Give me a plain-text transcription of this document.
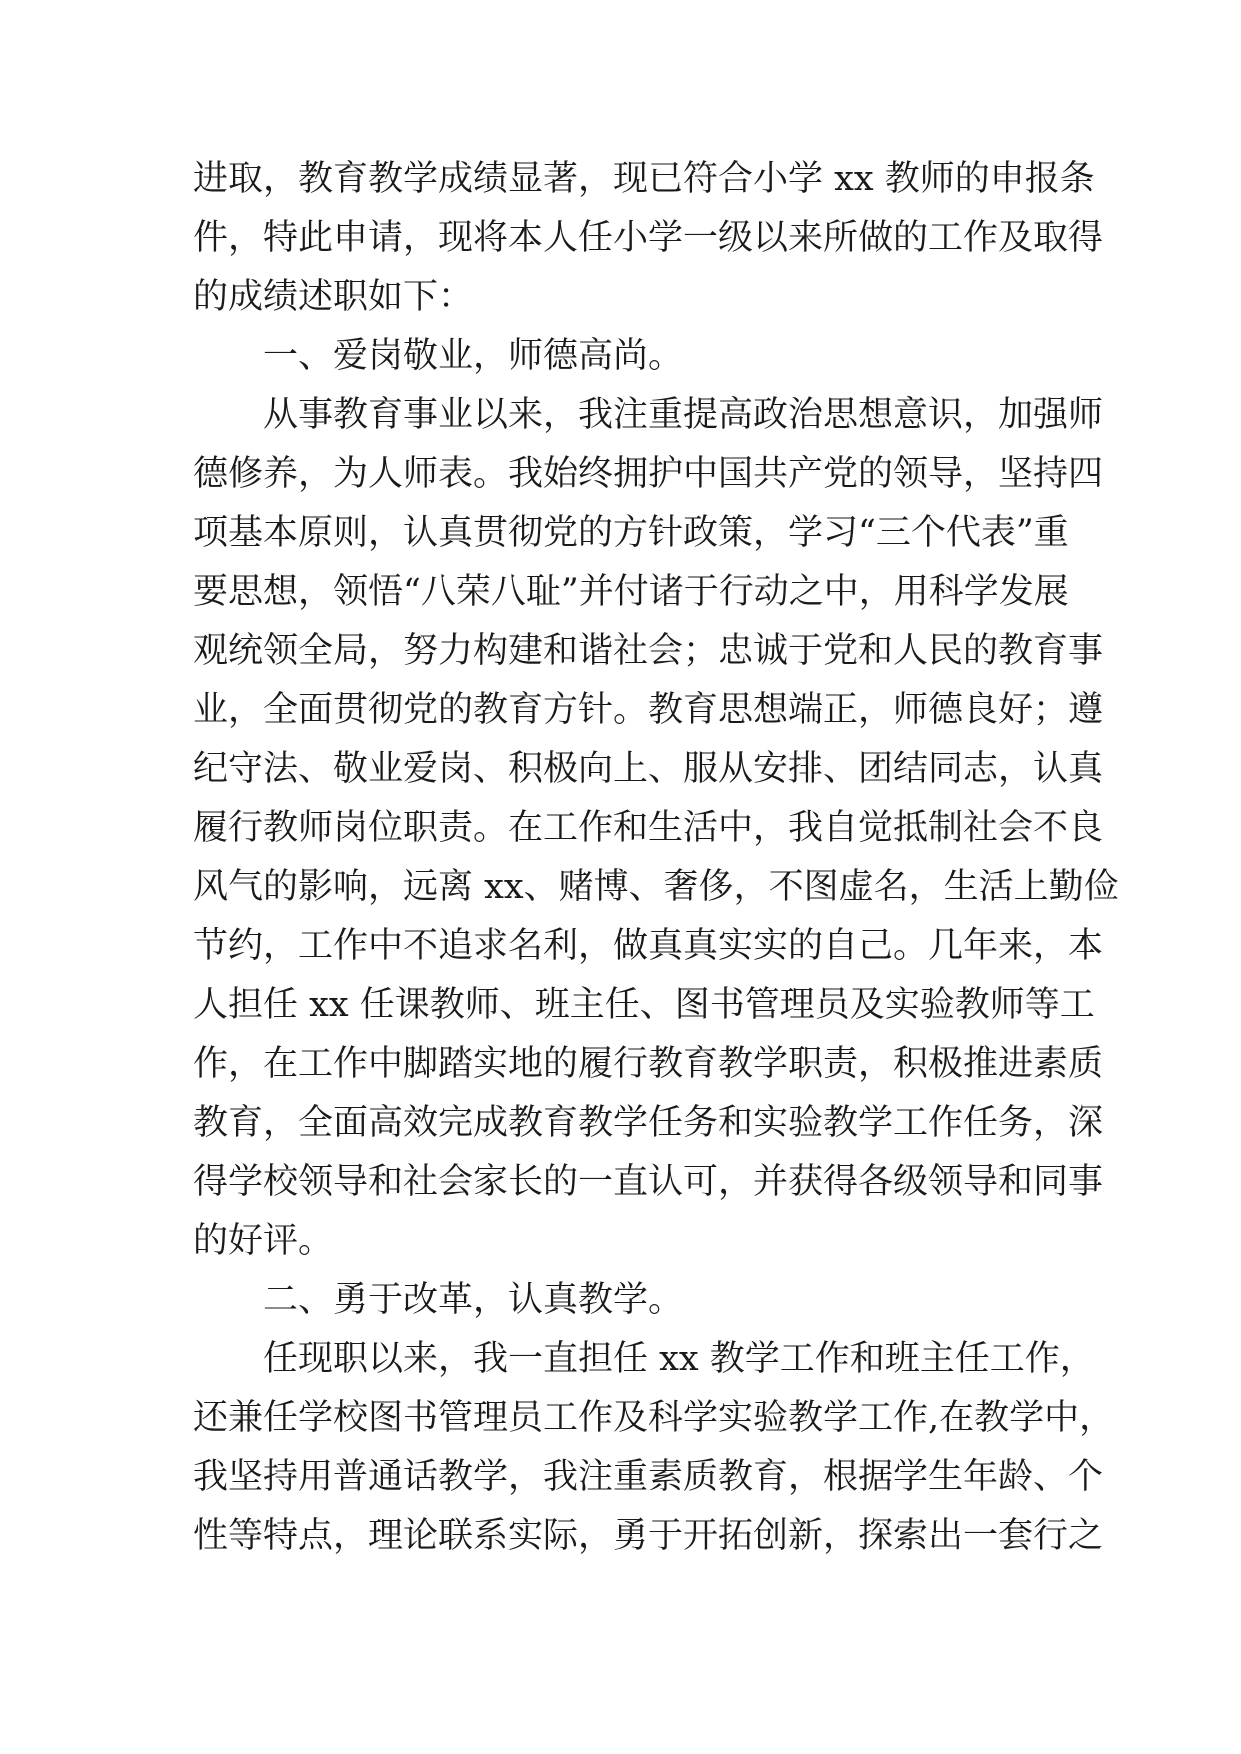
进取，教育教学成绩显著，现已符合小学 xx 教师的申报条
件，特此申请，现将本人任小学一级以来所做的工作及取得
的成绩述职如下：
一、爱岗敬业，师德高尚。
从事教育事业以来，我注重提高政治思想意识，加强师
德修养，为人师表。我始终拥护中国共产党的领导，坚持四
项基本原则，认真贯彻党的方针政策，学习“三个代表”重
要思想，领悟“八荣八耻”并付诸于行动之中，用科学发展
观统领全局，努力构建和谐社会；忠诚于党和人民的教育事
业，全面贯彻党的教育方针。教育思想端正，师德良好；遵
纪守法、敬业爱岗、积极向上、服从安排、团结同志，认真
履行教师岗位职责。在工作和生活中，我自觉抵制社会不良
风气的影响，远离 xx、赌博、奢侈，不图虚名，生活上勤俭
节约，工作中不追求名利，做真真实实的自己。几年来，本
人担任 xx 任课教师、班主任、图书管理员及实验教师等工
作，在工作中脚踏实地的履行教育教学职责，积极推进素质
教育，全面高效完成教育教学任务和实验教学工作任务，深
得学校领导和社会家长的一直认可，并获得各级领导和同事
的好评。
二、勇于改革，认真教学。
任现职以来，我一直担任 xx 教学工作和班主任工作，
还兼任学校图书管理员工作及科学实验教学工作,在教学中，
我坚持用普通话教学，我注重素质教育，根据学生年龄、个
性等特点，理论联系实际，勇于开拓创新，探索出一套行之
